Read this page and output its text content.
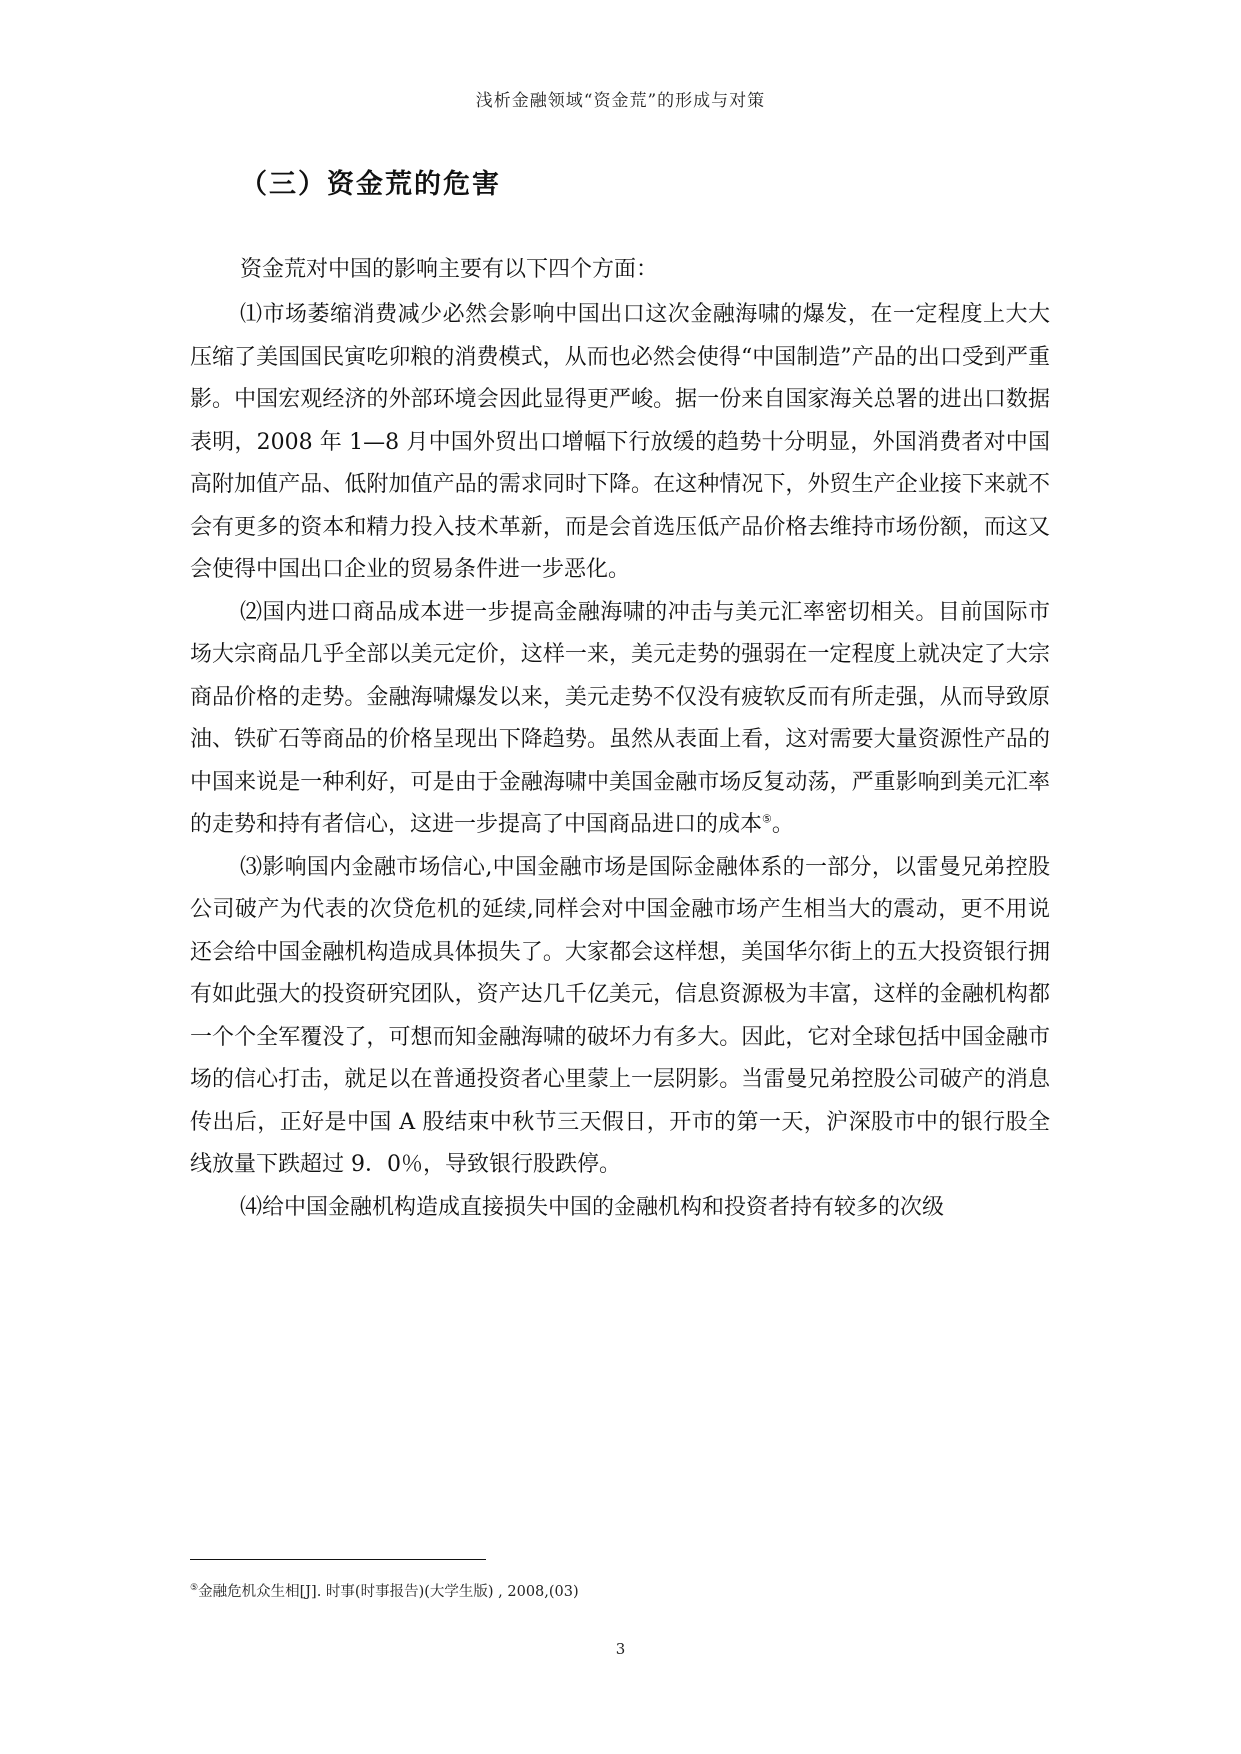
浅析金融领域“资金荒”的形成与对策
（三）资金荒的危害

资金荒对中国的影响主要有以下四个方面：

⑴市场萎缩消费减少必然会影响中国出口这次金融海啸的爆发，在一定程度上大大压缩了美国国民寅吃卯粮的消费模式，从而也必然会使得“中国制造”产品的出口受到严重影。中国宏观经济的外部环境会因此显得更严峻。据一份来自国家海关总署的进出口数据表明，2008 年 1—8 月中国外贸出口增幅下行放缓的趋势十分明显，外国消费者对中国高附加值产品、低附加值产品的需求同时下降。在这种情况下，外贸生产企业接下来就不会有更多的资本和精力投入技术革新，而是会首选压低产品价格去维持市场份额，而这又会使得中国出口企业的贸易条件进一步恶化。

⑵国内进口商品成本进一步提高金融海啸的冲击与美元汇率密切相关。目前国际市场大宗商品几乎全部以美元定价，这样一来，美元走势的强弱在一定程度上就决定了大宗商品价格的走势。金融海啸爆发以来，美元走势不仅没有疲软反而有所走强，从而导致原油、铁矿石等商品的价格呈现出下降趋势。虽然从表面上看，这对需要大量资源性产品的中国来说是一种利好，可是由于金融海啸中美国金融市场反复动荡，严重影响到美元汇率的走势和持有者信心，这进一步提高了中国商品进口的成本⑤。

⑶影响国内金融市场信心,中国金融市场是国际金融体系的一部分，以雷曼兄弟控股公司破产为代表的次贷危机的延续,同样会对中国金融市场产生相当大的震动，更不用说还会给中国金融机构造成具体损失了。大家都会这样想，美国华尔街上的五大投资银行拥有如此强大的投资研究团队，资产达几千亿美元，信息资源极为丰富，这样的金融机构都一个个全军覆没了，可想而知金融海啸的破坏力有多大。因此，它对全球包括中国金融市场的信心打击，就足以在普通投资者心里蒙上一层阴影。当雷曼兄弟控股公司破产的消息传出后，正好是中国 A 股结束中秋节三天假日，开市的第一天，沪深股市中的银行股全线放量下跌超过 9．0％，导致银行股跌停。

⑷给中国金融机构造成直接损失中国的金融机构和投资者持有较多的次级

⑤金融危机众生相[J]. 时事(时事报告)(大学生版) , 2008,(03)
3
